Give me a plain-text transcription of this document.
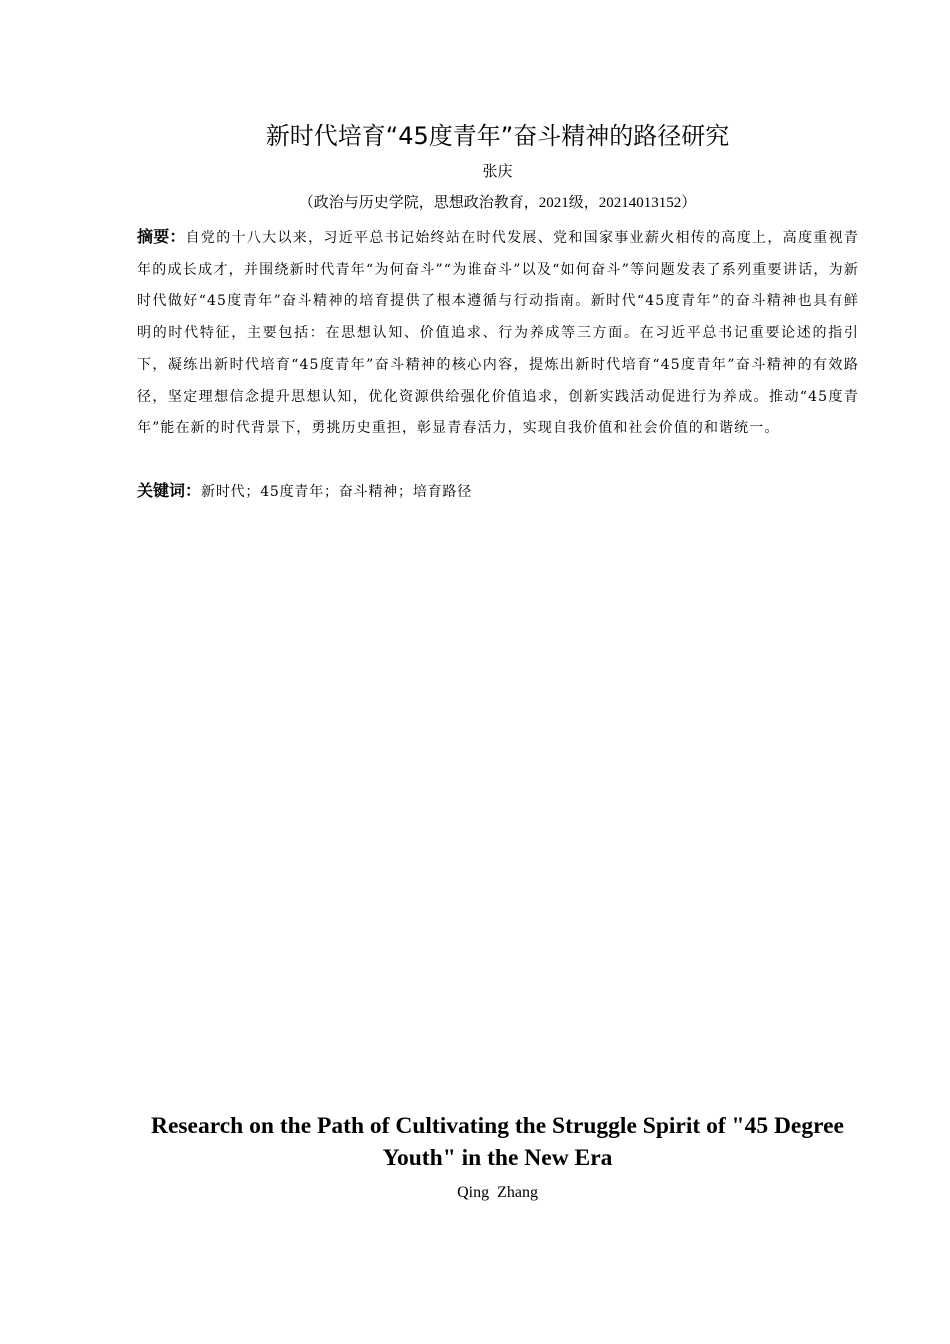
新时代培育“45度青年”奋斗精神的路径研究
张庆
（政治与历史学院，思想政治教育，2021级，20214013152）
摘要：自党的十八大以来，习近平总书记始终站在时代发展、党和国家事业薪火相传的高度上，高度重视青年的成长成才，并围绕新时代青年“为何奋斗”“为谁奋斗”以及“如何奋斗”等问题发表了系列重要讲话，为新时代做好“45度青年”奋斗精神的培育提供了根本遵循与行动指南。新时代“45度青年”的奋斗精神也具有鲜明的时代特征，主要包括：在思想认知、价值追求、行为养成等三方面。在习近平总书记重要论述的指引下，凝练出新时代培育“45度青年”奋斗精神的核心内容，提炼出新时代培育“45度青年”奋斗精神的有效路径，坚定理想信念提升思想认知，优化资源供给强化价值追求，创新实践活动促进行为养成。推动“45度青年”能在新的时代背景下，勇挑历史重担，彰显青春活力，实现自我价值和社会价值的和谐统一。
关键词：新时代；45度青年；奋斗精神；培育路径
Research on the Path of Cultivating the Struggle Spirit of "45 Degree Youth" in the New Era
Qing  Zhang
